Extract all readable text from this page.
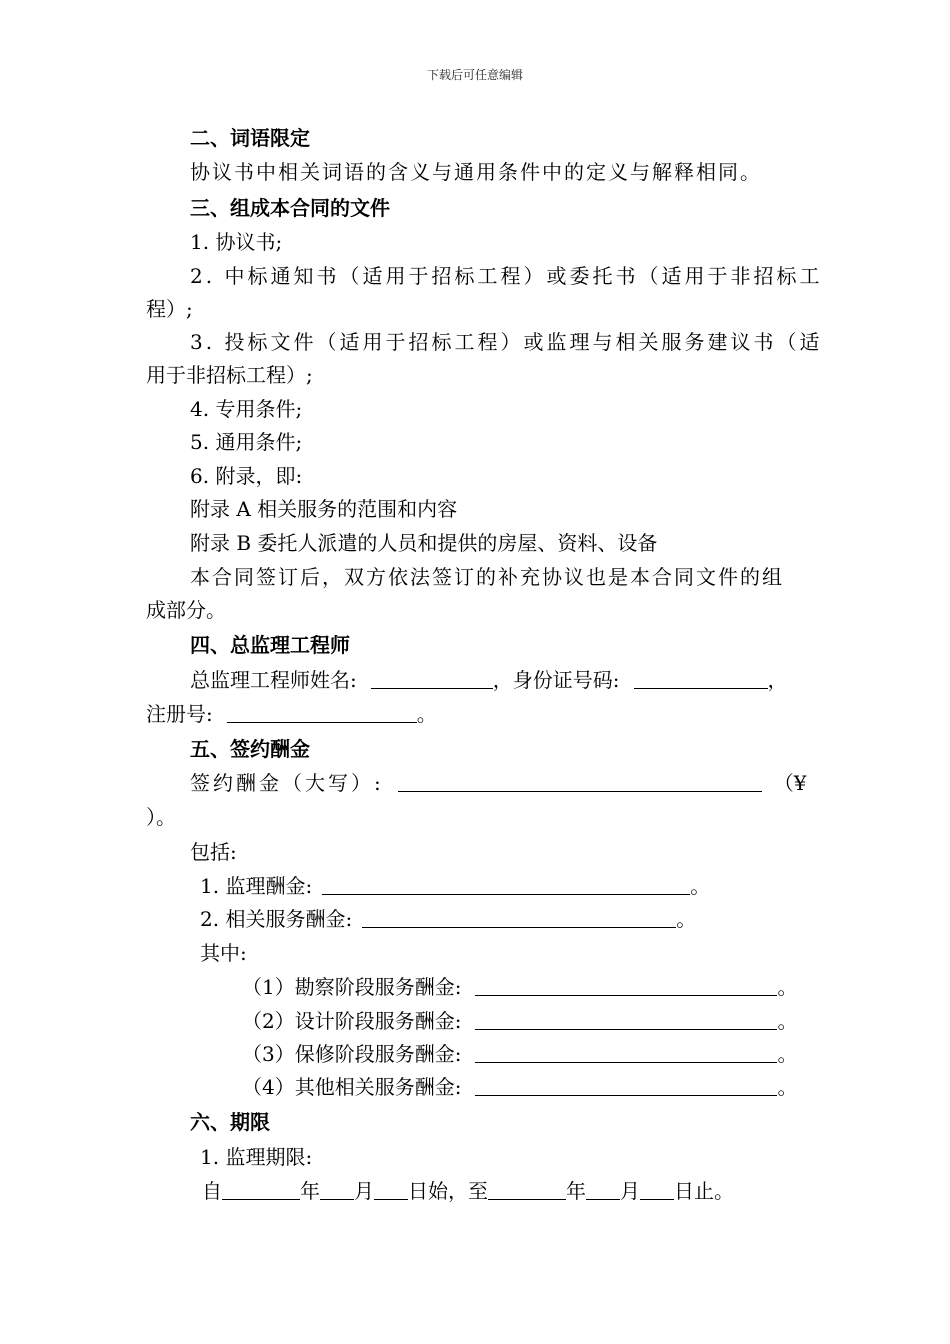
下载后可任意编辑
二、词语限定
协议书中相关词语的含义与通用条件中的定义与解释相同。
三、组成本合同的文件
1. 协议书;
2. 中标通知书（适用于招标工程）或委托书（适用于非招标工
程）;
3. 投标文件（适用于招标工程）或监理与相关服务建议书（适
用于非招标工程）;
4. 专用条件;
5. 通用条件;
6. 附录，即:
附录 A 相关服务的范围和内容
附录 B 委托人派遣的人员和提供的房屋、资料、设备
本合同签订后，双方依法签订的补充协议也是本合同文件的组
成部分。
四、总监理工程师
总监理工程师姓名:	，身份证号码:	，
注册号:	。
五、签约酬金
签约酬金（大写）:	（¥
）。
包括:
1. 监理酬金:	。
2. 相关服务酬金:	。
其中:
（1）勘察阶段服务酬金:	。
（2）设计阶段服务酬金:	。
（3）保修阶段服务酬金:	。
（4）其他相关服务酬金:	。
六、期限
1. 监理期限:
自	年 月 日始，至	年 月 日止。
